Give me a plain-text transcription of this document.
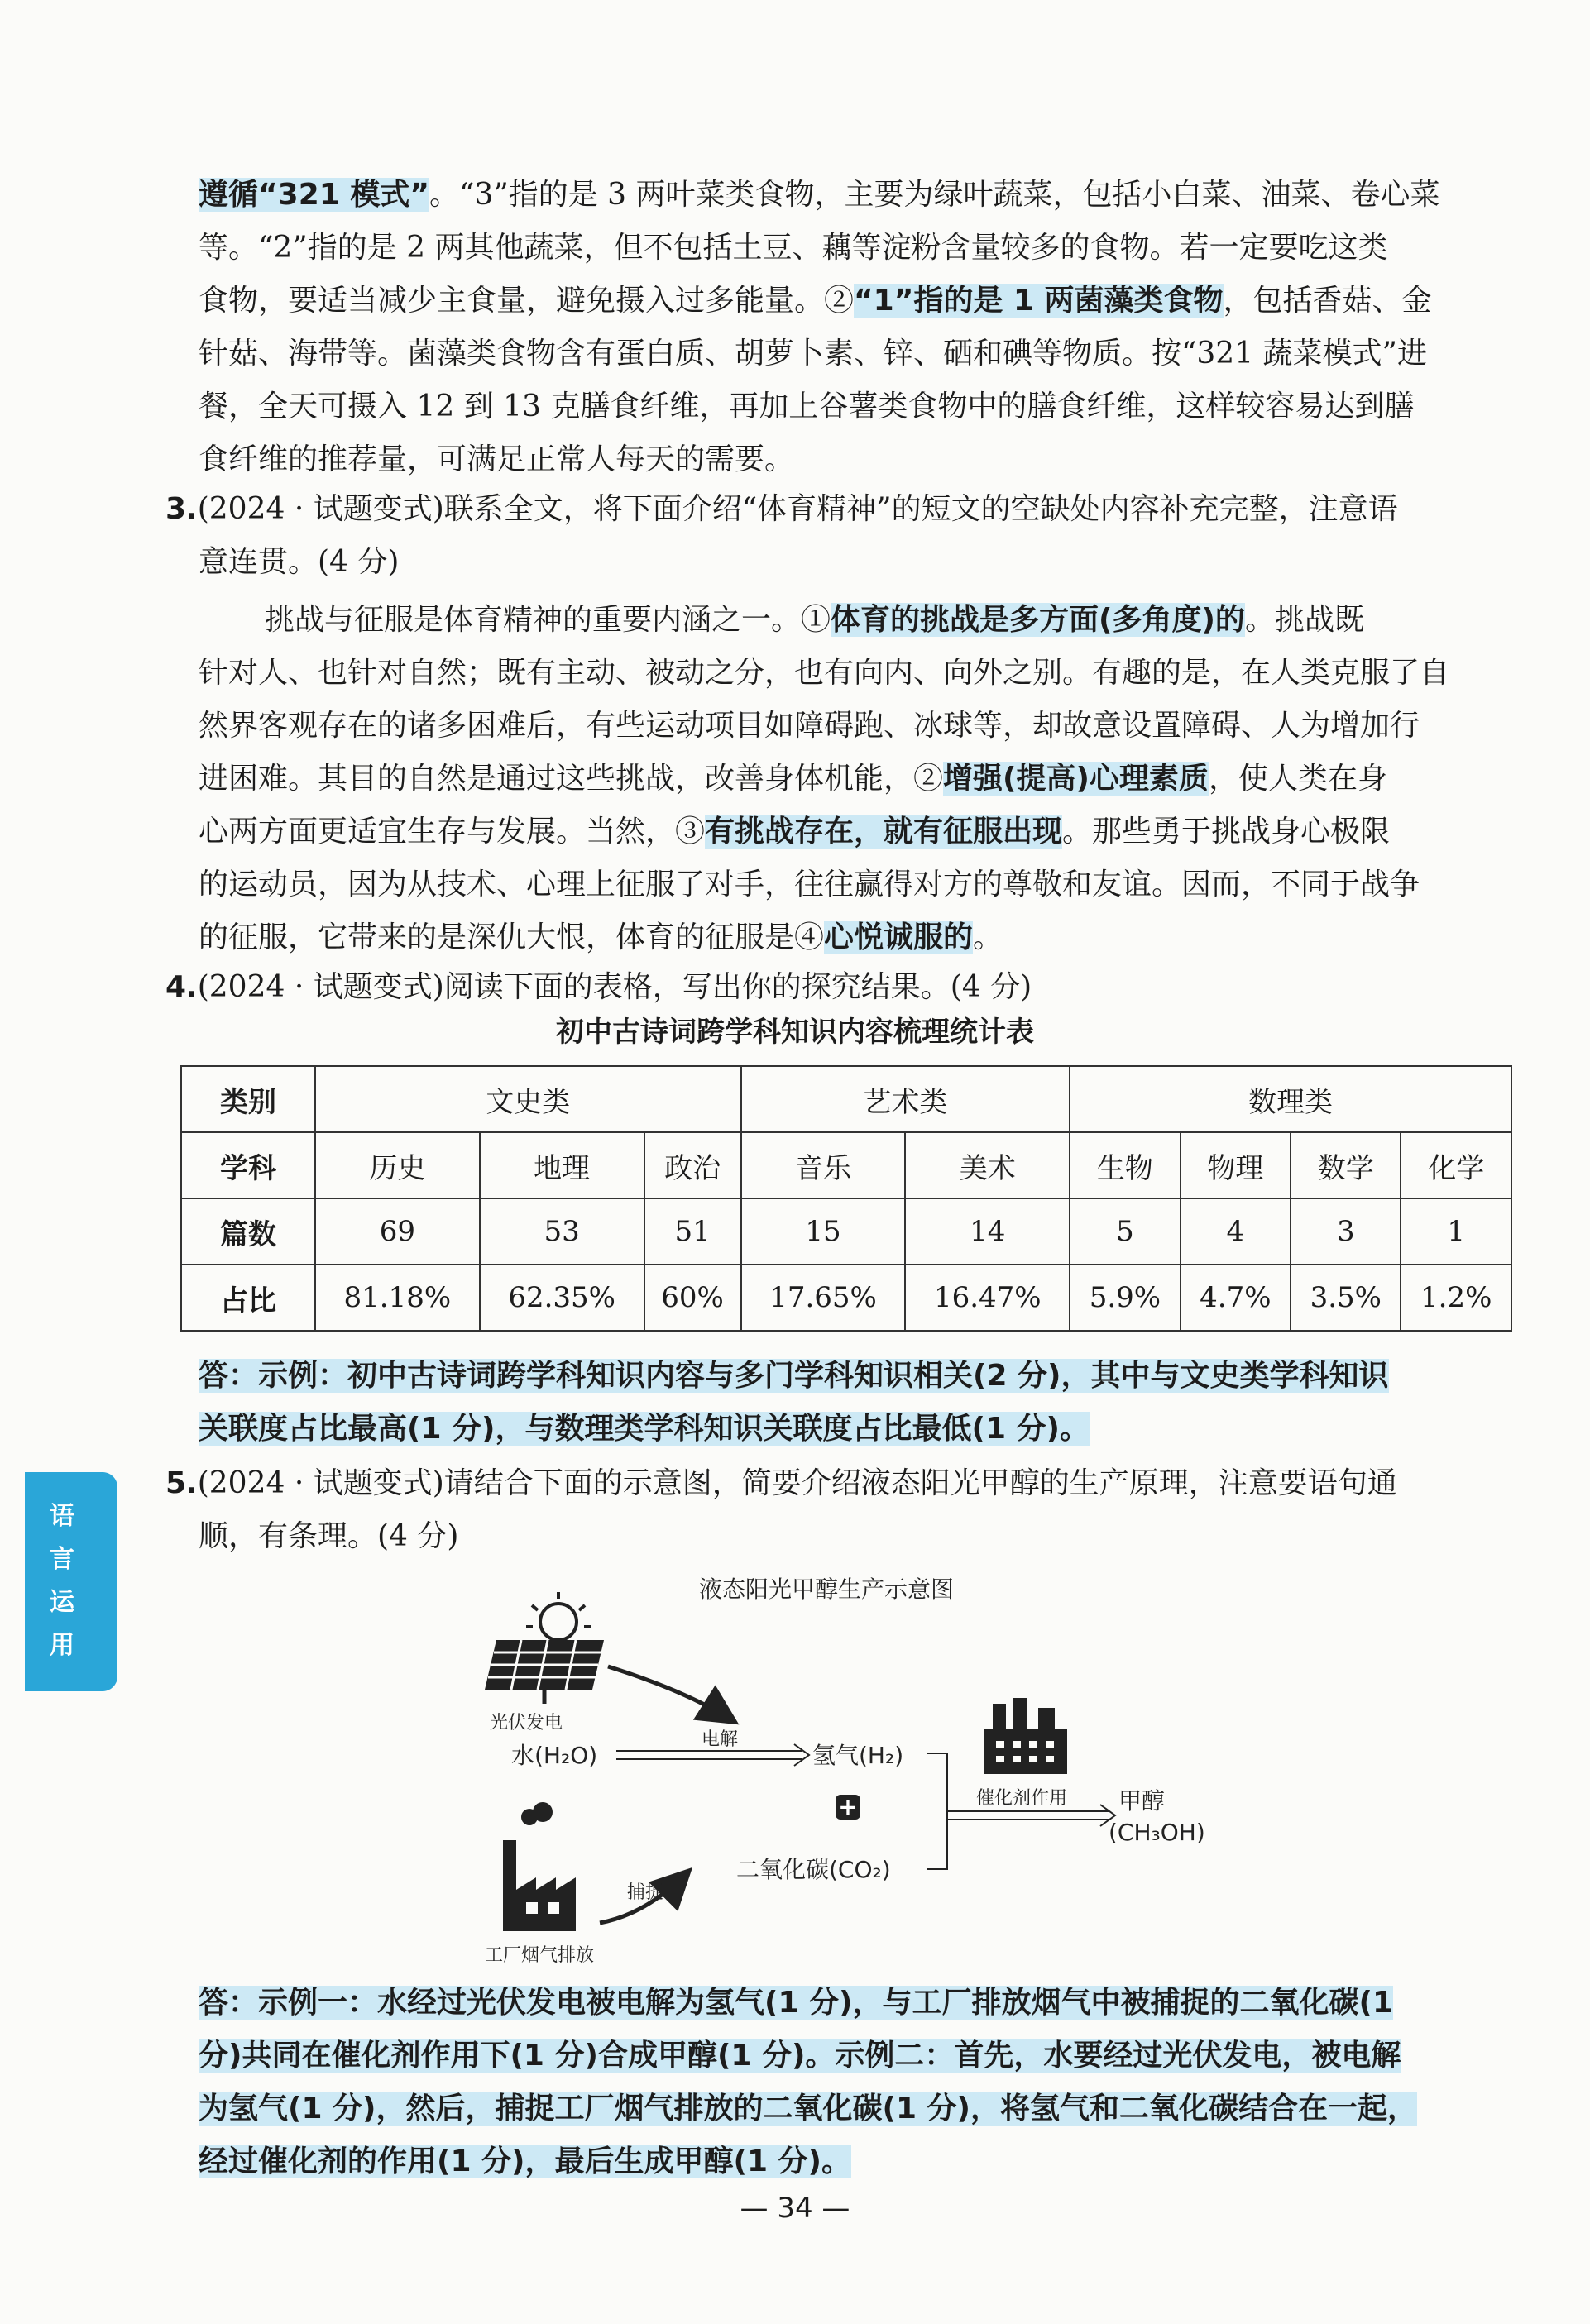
遵循“321 模式”。“3”指的是 3 两叶菜类食物，主要为绿叶蔬菜，包括小白菜、油菜、卷心菜

等。“2”指的是 2 两其他蔬菜，但不包括土豆、藕等淀粉含量较多的食物。若一定要吃这类

食物，要适当减少主食量，避免摄入过多能量。②“1”指的是 1 两菌藻类食物，包括香菇、金

针菇、海带等。菌藻类食物含有蛋白质、胡萝卜素、锌、硒和碘等物质。按“321 蔬菜模式”进

餐，全天可摄入 12 到 13 克膳食纤维，再加上谷薯类食物中的膳食纤维，这样较容易达到膳

食纤维的推荐量，可满足正常人每天的需要。

3.(2024 · 试题变式)联系全文，将下面介绍“体育精神”的短文的空缺处内容补充完整，注意语

意连贯。(4 分)

挑战与征服是体育精神的重要内涵之一。①体育的挑战是多方面(多角度)的。挑战既

针对人、也针对自然；既有主动、被动之分，也有向内、向外之别。有趣的是，在人类克服了自

然界客观存在的诸多困难后，有些运动项目如障碍跑、冰球等，却故意设置障碍、人为增加行

进困难。其目的自然是通过这些挑战，改善身体机能，②增强(提高)心理素质，使人类在身

心两方面更适宜生存与发展。当然，③有挑战存在，就有征服出现。那些勇于挑战身心极限

的运动员，因为从技术、心理上征服了对手，往往赢得对方的尊敬和友谊。因而，不同于战争

的征服，它带来的是深仇大恨，体育的征服是④心悦诚服的。

4.(2024 · 试题变式)阅读下面的表格，写出你的探究结果。(4 分)

初中古诗词跨学科知识内容梳理统计表
类别	文史类			艺术类		数理类			
学科	历史	地理	政治	音乐	美术	生物	物理	数学	化学
篇数	69	53	51	15	14	5	4	3	1
占比	81.18%	62.35%	60%	17.65%	16.47%	5.9%	4.7%	3.5%	1.2%

答：示例：初中古诗词跨学科知识内容与多门学科知识相关(2 分)，其中与文史类学科知识

关联度占比最高(1 分)，与数理类学科知识关联度占比最低(1 分)。

5.(2024 · 试题变式)请结合下面的示意图，简要介绍液态阳光甲醇的生产原理，注意要语句通

顺，有条理。(4 分)

液态阳光甲醇生产示意图
光伏发电
电解
水(H₂O)	氢气(H₂)
+
工厂烟气排放
捕捉
二氧化碳(CO₂)
催化剂作用 甲醇
(CH₃OH)

答：示例一：水经过光伏发电被电解为氢气(1 分)，与工厂排放烟气中被捕捉的二氧化碳(1

分)共同在催化剂作用下(1 分)合成甲醇(1 分)。示例二：首先，水要经过光伏发电，被电解

为氢气(1 分)，然后，捕捉工厂烟气排放的二氧化碳(1 分)，将氢气和二氧化碳结合在一起，

经过催化剂的作用(1 分)，最后生成甲醇(1 分)。

语
言
运
用
— 34 —
